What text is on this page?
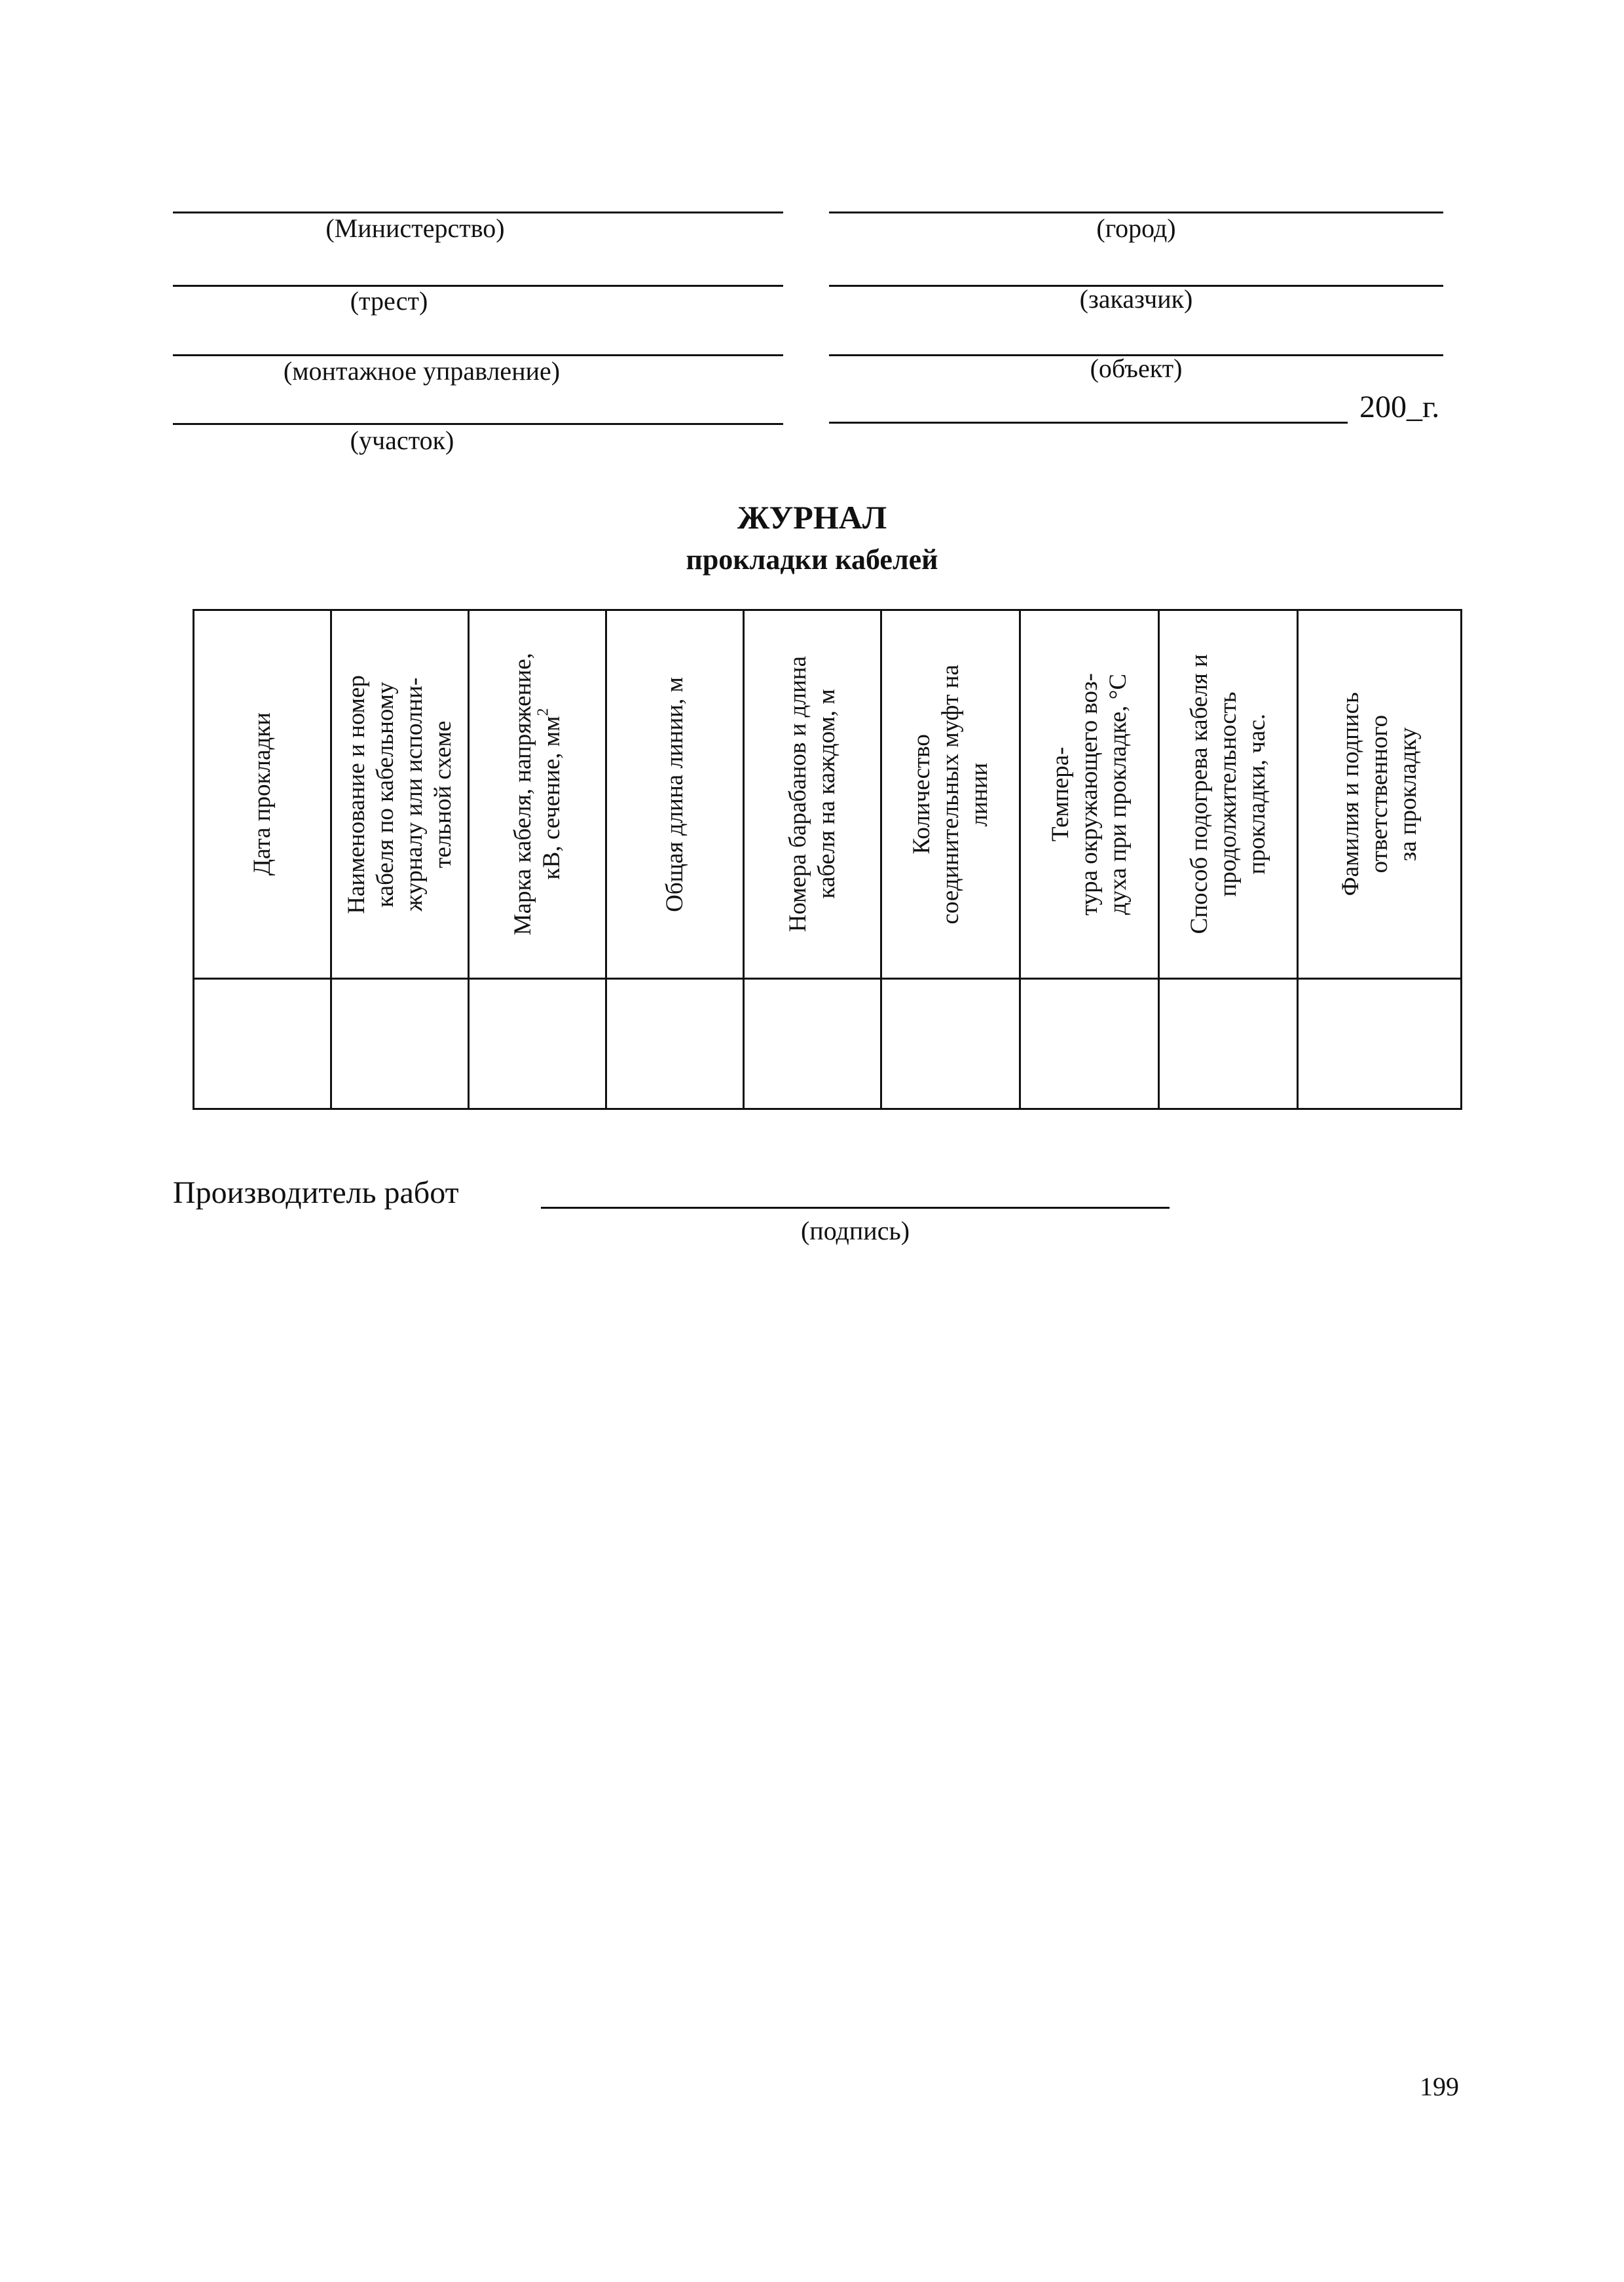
(Министерство)
(трест)
(монтажное управление)
(участок)
(город)
(заказчик)
(объект)
200_г.
ЖУРНАЛ
прокладки кабелей
Дата прокладки	Наименование и номер
кабеля по кабельному
журналу или исполни-
тельной схеме	Марка кабеля, напряжение,
кВ, сечение, $мм^2$	Общая длина линии, м	Номера барабанов и длина
кабеля на каждом, м	Количество
соединительных муфт на
линии	Темпера-
тура окружающего воз-
духа при прокладке, °С	Способ подогрева кабеля и
продолжительность
прокладки, час.	Фамилия и подпись
ответственного
за прокладку

Производитель работ
(подпись)
199
